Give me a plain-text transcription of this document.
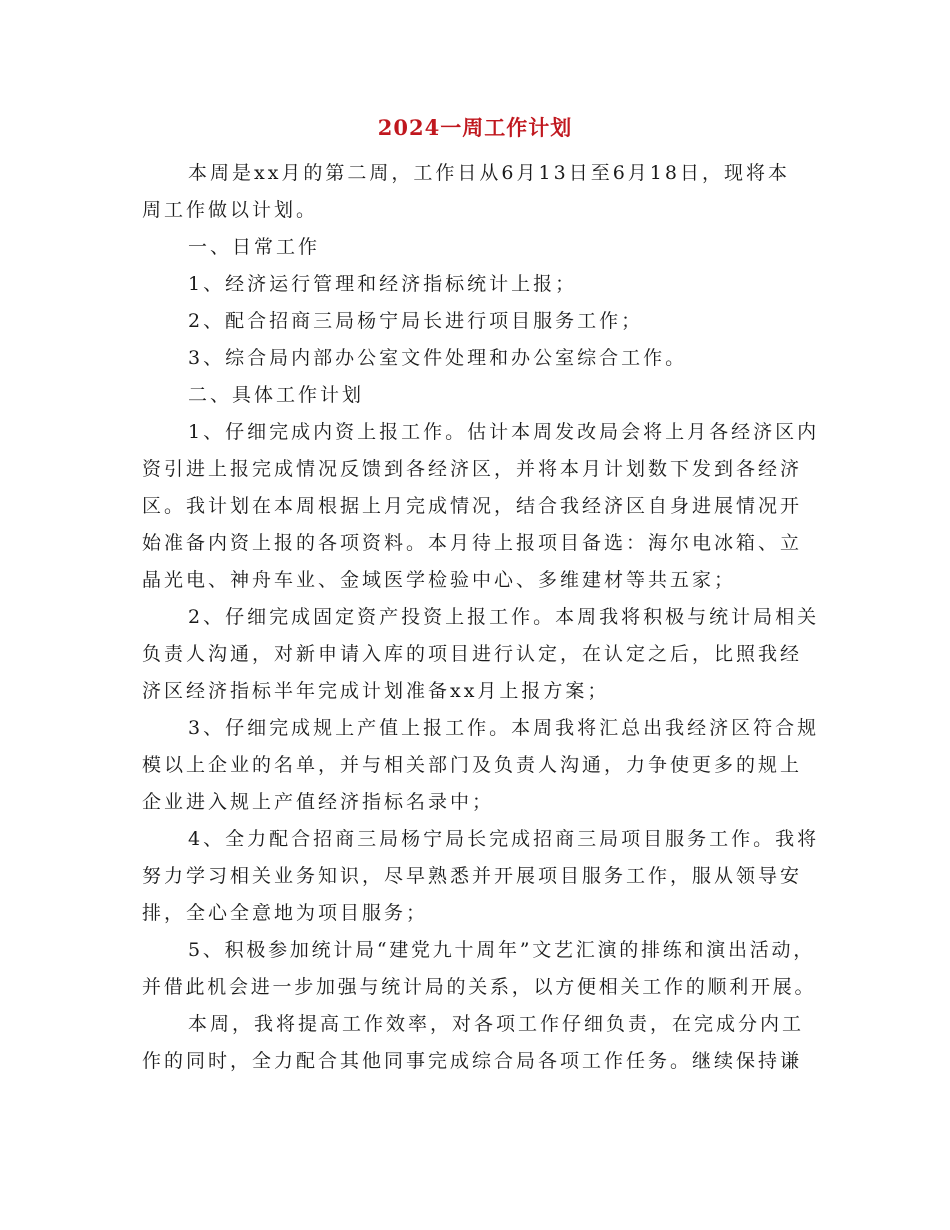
2024一周工作计划
本周是xx月的第二周，工作日从6月13日至6月18日，现将本
周工作做以计划。
一、日常工作
1、经济运行管理和经济指标统计上报；
2、配合招商三局杨宁局长进行项目服务工作；
3、综合局内部办公室文件处理和办公室综合工作。
二、具体工作计划
1、仔细完成内资上报工作。估计本周发改局会将上月各经济区内
资引进上报完成情况反馈到各经济区，并将本月计划数下发到各经济
区。我计划在本周根据上月完成情况，结合我经济区自身进展情况开
始准备内资上报的各项资料。本月待上报项目备选：海尔电冰箱、立
晶光电、神舟车业、金域医学检验中心、多维建材等共五家；
2、仔细完成固定资产投资上报工作。本周我将积极与统计局相关
负责人沟通，对新申请入库的项目进行认定，在认定之后，比照我经
济区经济指标半年完成计划准备xx月上报方案；
3、仔细完成规上产值上报工作。本周我将汇总出我经济区符合规
模以上企业的名单，并与相关部门及负责人沟通，力争使更多的规上
企业进入规上产值经济指标名录中；
4、全力配合招商三局杨宁局长完成招商三局项目服务工作。我将
努力学习相关业务知识，尽早熟悉并开展项目服务工作，服从领导安
排，全心全意地为项目服务；
5、积极参加统计局“建党九十周年”文艺汇演的排练和演出活动，
并借此机会进一步加强与统计局的关系，以方便相关工作的顺利开展。
本周，我将提高工作效率，对各项工作仔细负责，在完成分内工
作的同时，全力配合其他同事完成综合局各项工作任务。继续保持谦
